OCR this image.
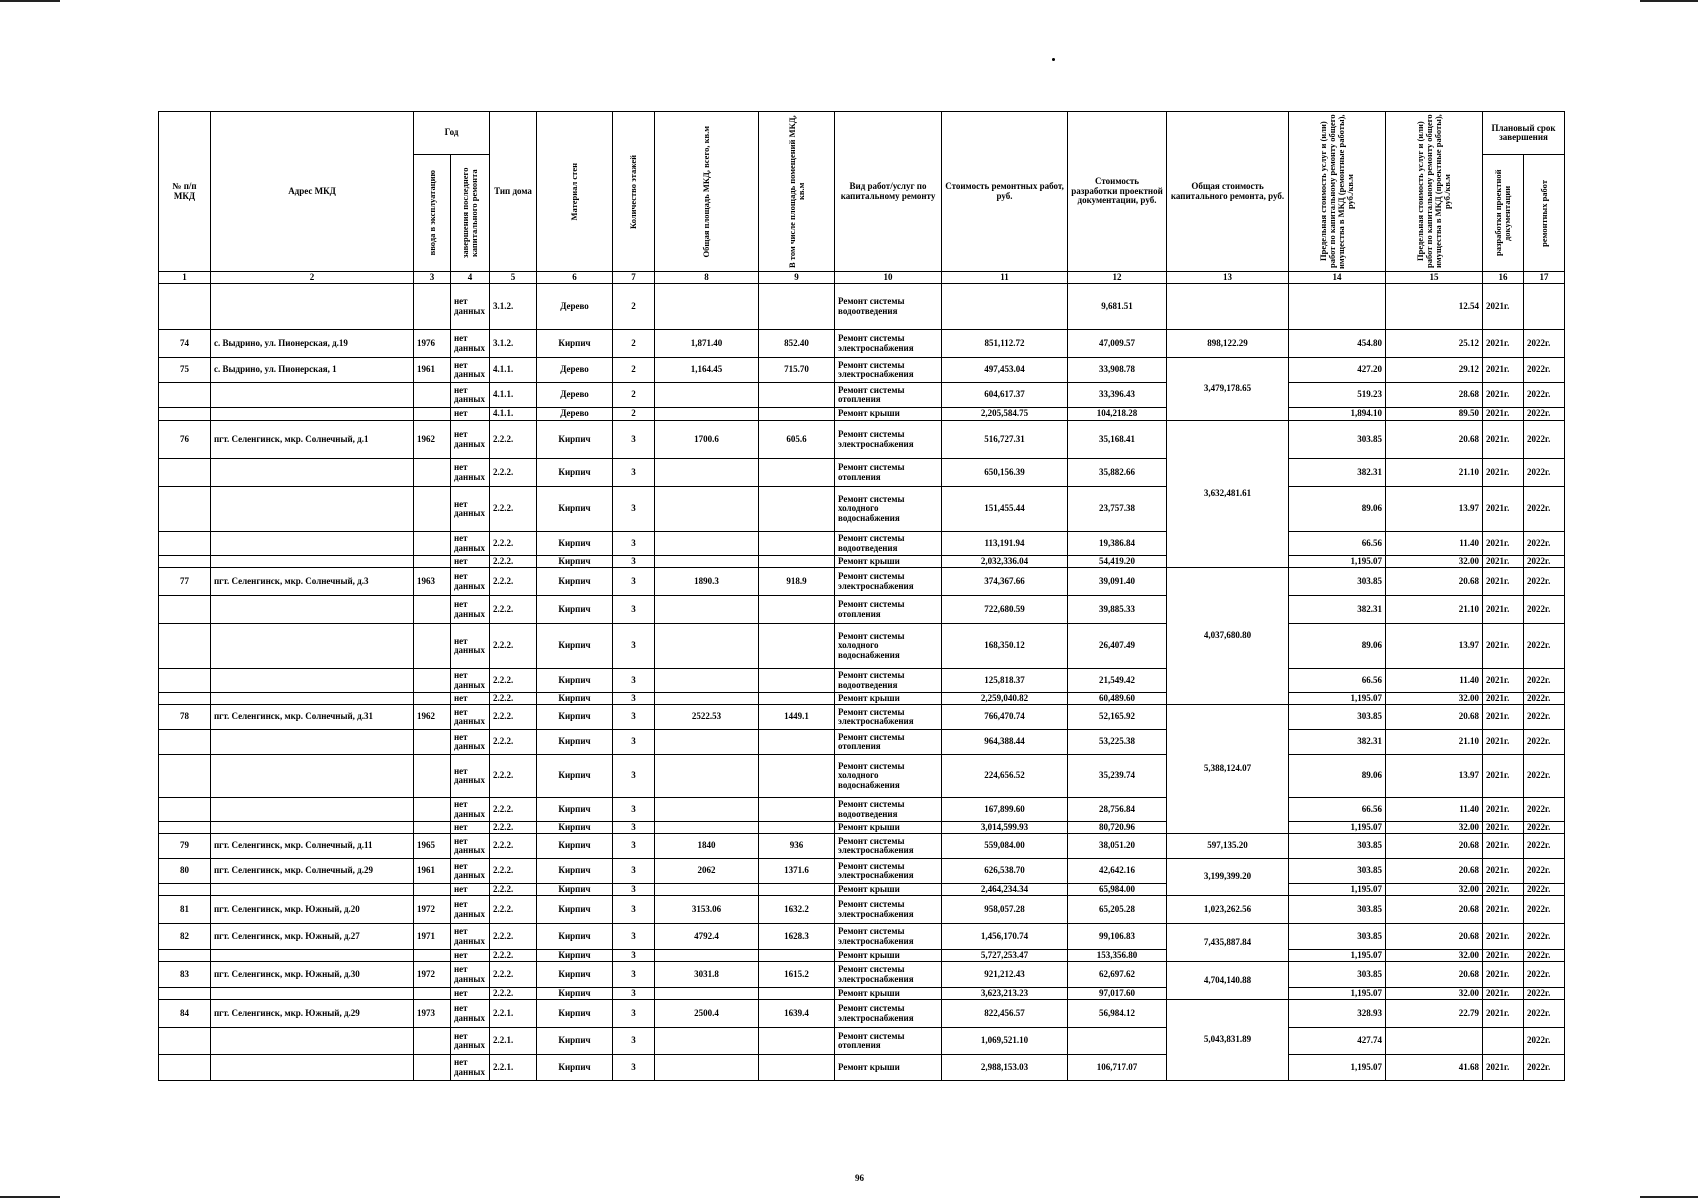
№ п/п МКД	Адрес МКД	Год		Тип дома	Материал стен	Количество этажей	Общая площадь МКД, всего, кв.м	В том числе площадь помещений МКД, кв.м	Вид работ/услуг по капитальному ремонту	Стоимость ремонтных работ, руб.	Стоимость разработки проектной документации, руб.	Общая стоимость капитального ремонта, руб.	Предельная стоимость услуг и (или) работ по капитальному ремонту общего имущества в МКД (ремонтные работы), руб./кв.м	Предельная стоимость услуг и (или) работ по капитальному ремонту общего имущества в МКД (проектные работы), руб./кв.м	Плановый срок завершения	

		ввода в эксплуатацию	завершения последнего капитального ремонта												разработки проектной документации	ремонтных работ

1	2	3	4	5	6	7	8	9	10	11	12	13	14	15	16	17
			нет данных	3.1.2.	Дерево	2			Ремонт системы водоотведения		9,681.51			12.54	2021г.	
74	с. Выдрино, ул. Пионерская, д.19	1976	нет данных	3.1.2.	Кирпич	2	1,871.40	852.40	Ремонт системы электроснабжения	851,112.72	47,009.57	898,122.29	454.80	25.12	2021г.	2022г.
75	с. Выдрино, ул. Пионерская, 1	1961	нет данных	4.1.1.	Дерево	2	1,164.45	715.70	Ремонт системы электроснабжения	497,453.04	33,908.78	3,479,178.65	427.20	29.12	2021г.	2022г.
			нет данных	4.1.1.	Дерево	2			Ремонт системы отопления	604,617.37	33,396.43		519.23	28.68	2021г.	2022г.
			нет	4.1.1.	Дерево	2			Ремонт крыши	2,205,584.75	104,218.28		1,894.10	89.50	2021г.	2022г.
76	пгт. Селенгинск, мкр. Солнечный, д.1	1962	нет данных	2.2.2.	Кирпич	3	1700.6	605.6	Ремонт системы электроснабжения	516,727.31	35,168.41	3,632,481.61	303.85	20.68	2021г.	2022г.
			нет данных	2.2.2.	Кирпич	3			Ремонт системы отопления	650,156.39	35,882.66		382.31	21.10	2021г.	2022г.
			нет данных	2.2.2.	Кирпич	3			Ремонт системы холодного водоснабжения	151,455.44	23,757.38		89.06	13.97	2021г.	2022г.
			нет данных	2.2.2.	Кирпич	3			Ремонт системы водоотведения	113,191.94	19,386.84		66.56	11.40	2021г.	2022г.
			нет	2.2.2.	Кирпич	3			Ремонт крыши	2,032,336.04	54,419.20		1,195.07	32.00	2021г.	2022г.
77	пгт. Селенгинск, мкр. Солнечный, д.3	1963	нет данных	2.2.2.	Кирпич	3	1890.3	918.9	Ремонт системы электроснабжения	374,367.66	39,091.40	4,037,680.80	303.85	20.68	2021г.	2022г.
			нет данных	2.2.2.	Кирпич	3			Ремонт системы отопления	722,680.59	39,885.33		382.31	21.10	2021г.	2022г.
			нет данных	2.2.2.	Кирпич	3			Ремонт системы холодного водоснабжения	168,350.12	26,407.49		89.06	13.97	2021г.	2022г.
			нет данных	2.2.2.	Кирпич	3			Ремонт системы водоотведения	125,818.37	21,549.42		66.56	11.40	2021г.	2022г.
			нет	2.2.2.	Кирпич	3			Ремонт крыши	2,259,040.82	60,489.60		1,195.07	32.00	2021г.	2022г.
78	пгт. Селенгинск, мкр. Солнечный, д.31	1962	нет данных	2.2.2.	Кирпич	3	2522.53	1449.1	Ремонт системы электроснабжения	766,470.74	52,165.92	5,388,124.07	303.85	20.68	2021г.	2022г.
			нет данных	2.2.2.	Кирпич	3			Ремонт системы отопления	964,388.44	53,225.38		382.31	21.10	2021г.	2022г.
			нет данных	2.2.2.	Кирпич	3			Ремонт системы холодного водоснабжения	224,656.52	35,239.74		89.06	13.97	2021г.	2022г.
			нет данных	2.2.2.	Кирпич	3			Ремонт системы водоотведения	167,899.60	28,756.84		66.56	11.40	2021г.	2022г.
			нет	2.2.2.	Кирпич	3			Ремонт крыши	3,014,599.93	80,720.96		1,195.07	32.00	2021г.	2022г.
79	пгт. Селенгинск, мкр. Солнечный, д.11	1965	нет данных	2.2.2.	Кирпич	3	1840	936	Ремонт системы электроснабжения	559,084.00	38,051.20	597,135.20	303.85	20.68	2021г.	2022г.
80	пгт. Селенгинск, мкр. Солнечный, д.29	1961	нет данных	2.2.2.	Кирпич	3	2062	1371.6	Ремонт системы электроснабжения	626,538.70	42,642.16	3,199,399.20	303.85	20.68	2021г.	2022г.
			нет	2.2.2.	Кирпич	3			Ремонт крыши	2,464,234.34	65,984.00		1,195.07	32.00	2021г.	2022г.
81	пгт. Селенгинск, мкр. Южный, д.20	1972	нет данных	2.2.2.	Кирпич	3	3153.06	1632.2	Ремонт системы электроснабжения	958,057.28	65,205.28	1,023,262.56	303.85	20.68	2021г.	2022г.
82	пгт. Селенгинск, мкр. Южный, д.27	1971	нет данных	2.2.2.	Кирпич	3	4792.4	1628.3	Ремонт системы электроснабжения	1,456,170.74	99,106.83	7,435,887.84	303.85	20.68	2021г.	2022г.
			нет	2.2.2.	Кирпич	3			Ремонт крыши	5,727,253.47	153,356.80		1,195.07	32.00	2021г.	2022г.
83	пгт. Селенгинск, мкр. Южный, д.30	1972	нет данных	2.2.2.	Кирпич	3	3031.8	1615.2	Ремонт системы электроснабжения	921,212.43	62,697.62	4,704,140.88	303.85	20.68	2021г.	2022г.
			нет	2.2.2.	Кирпич	3			Ремонт крыши	3,623,213.23	97,017.60		1,195.07	32.00	2021г.	2022г.
84	пгт. Селенгинск, мкр. Южный, д.29	1973	нет данных	2.2.1.	Кирпич	3	2500.4	1639.4	Ремонт системы электроснабжения	822,456.57	56,984.12	5,043,831.89	328.93	22.79	2021г.	2022г.
			нет данных	2.2.1.	Кирпич	3			Ремонт системы отопления	1,069,521.10			427.74			2022г.
			нет данных	2.2.1.	Кирпич	3			Ремонт крыши	2,988,153.03	106,717.07		1,195.07	41.68	2021г.	2022г.
96
